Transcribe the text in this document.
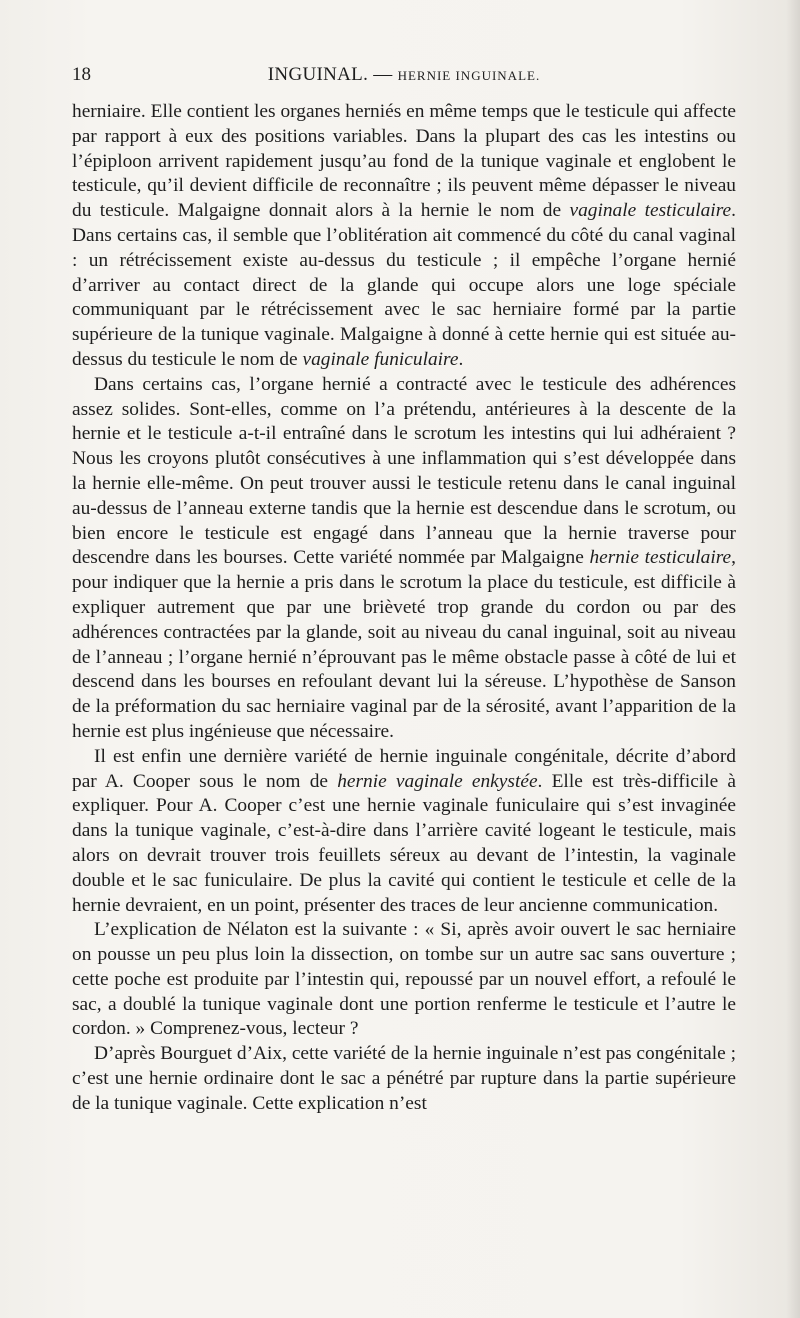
18	INGUINAL. — HERNIE INGUINALE.

herniaire. Elle contient les organes herniés en même temps que le testicule qui affecte par rapport à eux des positions variables. Dans la plupart des cas les intestins ou l’épiploon arrivent rapidement jusqu’au fond de la tunique vaginale et englobent le testicule, qu’il devient difficile de reconnaître ; ils peuvent même dépasser le niveau du testicule. Malgaigne donnait alors à la hernie le nom de vaginale testiculaire. Dans certains cas, il semble que l’oblitération ait commencé du côté du canal vaginal : un rétrécissement existe au-dessus du testicule ; il empêche l’organe hernié d’arriver au contact direct de la glande qui occupe alors une loge spéciale communiquant par le rétrécissement avec le sac herniaire formé par la partie supérieure de la tunique vaginale. Malgaigne à donné à cette hernie qui est située au-dessus du testicule le nom de vaginale funiculaire.

Dans certains cas, l’organe hernié a contracté avec le testicule des adhérences assez solides. Sont-elles, comme on l’a prétendu, antérieures à la descente de la hernie et le testicule a-t-il entraîné dans le scrotum les intestins qui lui adhéraient ? Nous les croyons plutôt consécutives à une inflammation qui s’est développée dans la hernie elle-même. On peut trouver aussi le testicule retenu dans le canal inguinal au-dessus de l’anneau externe tandis que la hernie est descendue dans le scrotum, ou bien encore le testicule est engagé dans l’anneau que la hernie traverse pour descendre dans les bourses. Cette variété nommée par Malgaigne hernie testiculaire, pour indiquer que la hernie a pris dans le scrotum la place du testicule, est difficile à expliquer autrement que par une brièveté trop grande du cordon ou par des adhérences contractées par la glande, soit au niveau du canal inguinal, soit au niveau de l’anneau ; l’organe hernié n’éprouvant pas le même obstacle passe à côté de lui et descend dans les bourses en refoulant devant lui la séreuse. L’hypothèse de Sanson de la préformation du sac herniaire vaginal par de la sérosité, avant l’apparition de la hernie est plus ingénieuse que nécessaire.

Il est enfin une dernière variété de hernie inguinale congénitale, décrite d’abord par A. Cooper sous le nom de hernie vaginale enkystée. Elle est très-difficile à expliquer. Pour A. Cooper c’est une hernie vaginale funiculaire qui s’est invaginée dans la tunique vaginale, c’est-à-dire dans l’arrière cavité logeant le testicule, mais alors on devrait trouver trois feuillets séreux au devant de l’intestin, la vaginale double et le sac funiculaire. De plus la cavité qui contient le testicule et celle de la hernie devraient, en un point, présenter des traces de leur ancienne communication.

L’explication de Nélaton est la suivante : « Si, après avoir ouvert le sac herniaire on pousse un peu plus loin la dissection, on tombe sur un autre sac sans ouverture ; cette poche est produite par l’intestin qui, repoussé par un nouvel effort, a refoulé le sac, a doublé la tunique vaginale dont une portion renferme le testicule et l’autre le cordon. » Comprenez-vous, lecteur ?

D’après Bourguet d’Aix, cette variété de la hernie inguinale n’est pas congénitale ; c’est une hernie ordinaire dont le sac a pénétré par rupture dans la partie supérieure de la tunique vaginale. Cette explication n’est
